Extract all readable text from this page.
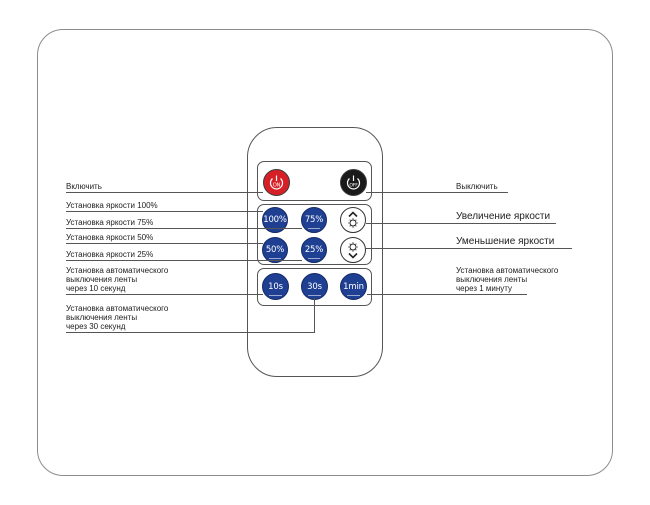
ON	OFF
100% 75%
50% 25%
10s	30s	1min
Включить
Установка яркости 100%
Установка яркости 75%
Установка яркости 50%
Установка яркости 25%
Установка автоматического
выключения ленты
через 10 секунд
Установка автоматического
выключения ленты
через 30 секунд
Выключить
Увеличение яркости
Уменьшение яркости
Установка автоматического
выключения ленты
через 1 минуту
